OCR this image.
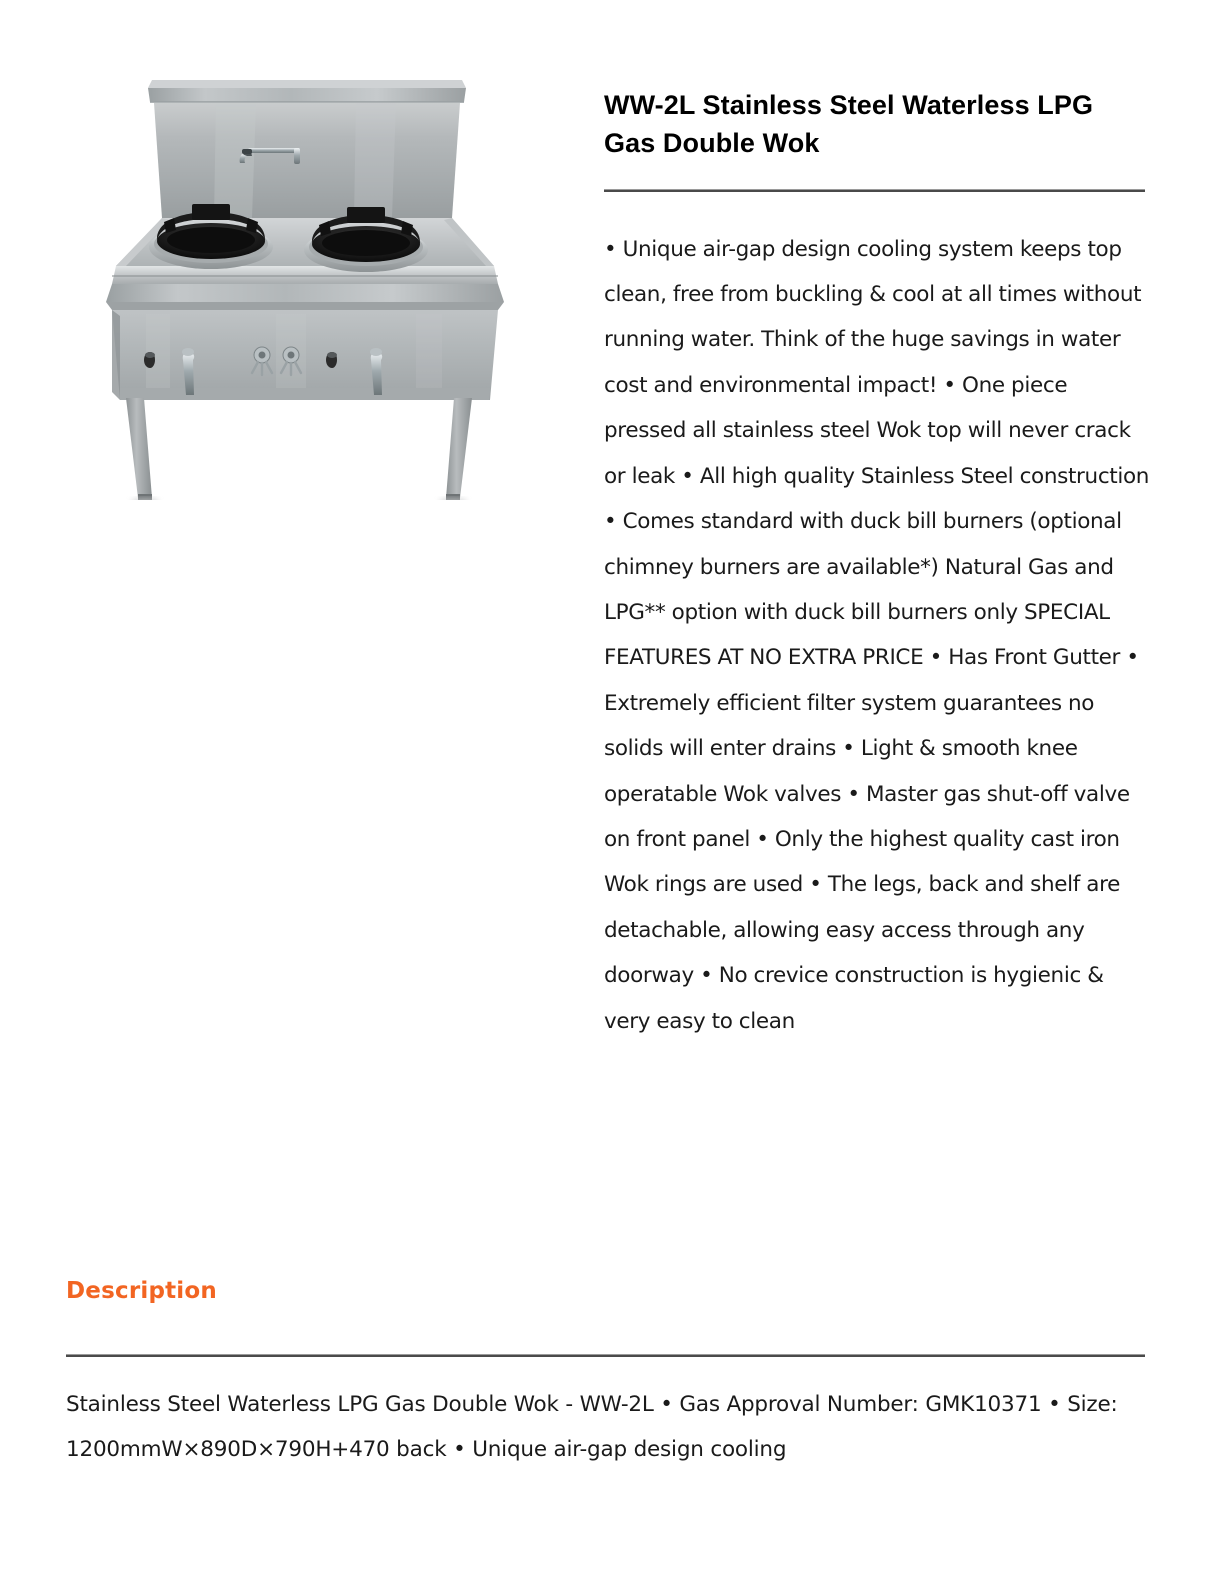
WW-2L Stainless Steel Waterless LPG Gas Double Wok
• Unique air-gap design cooling system keeps top clean, free from buckling & cool at all times without running water. Think of the huge savings in water cost and environmental impact! • One piece pressed all stainless steel Wok top will never crack or leak • All high quality Stainless Steel construction • Comes standard with duck bill burners (optional chimney burners are available*) Natural Gas and LPG** option with duck bill burners only SPECIAL FEATURES AT NO EXTRA PRICE • Has Front Gutter • Extremely efficient filter system guarantees no solids will enter drains • Light & smooth knee operatable Wok valves • Master gas shut-off valve on front panel • Only the highest quality cast iron Wok rings are used • The legs, back and shelf are detachable, allowing easy access through any doorway • No crevice construction is hygienic & very easy to clean
Description
Stainless Steel Waterless LPG Gas Double Wok - WW-2L • Gas Approval Number: GMK10371 • Size: 1200mmW×890D×790H+470 back • Unique air-gap design cooling
